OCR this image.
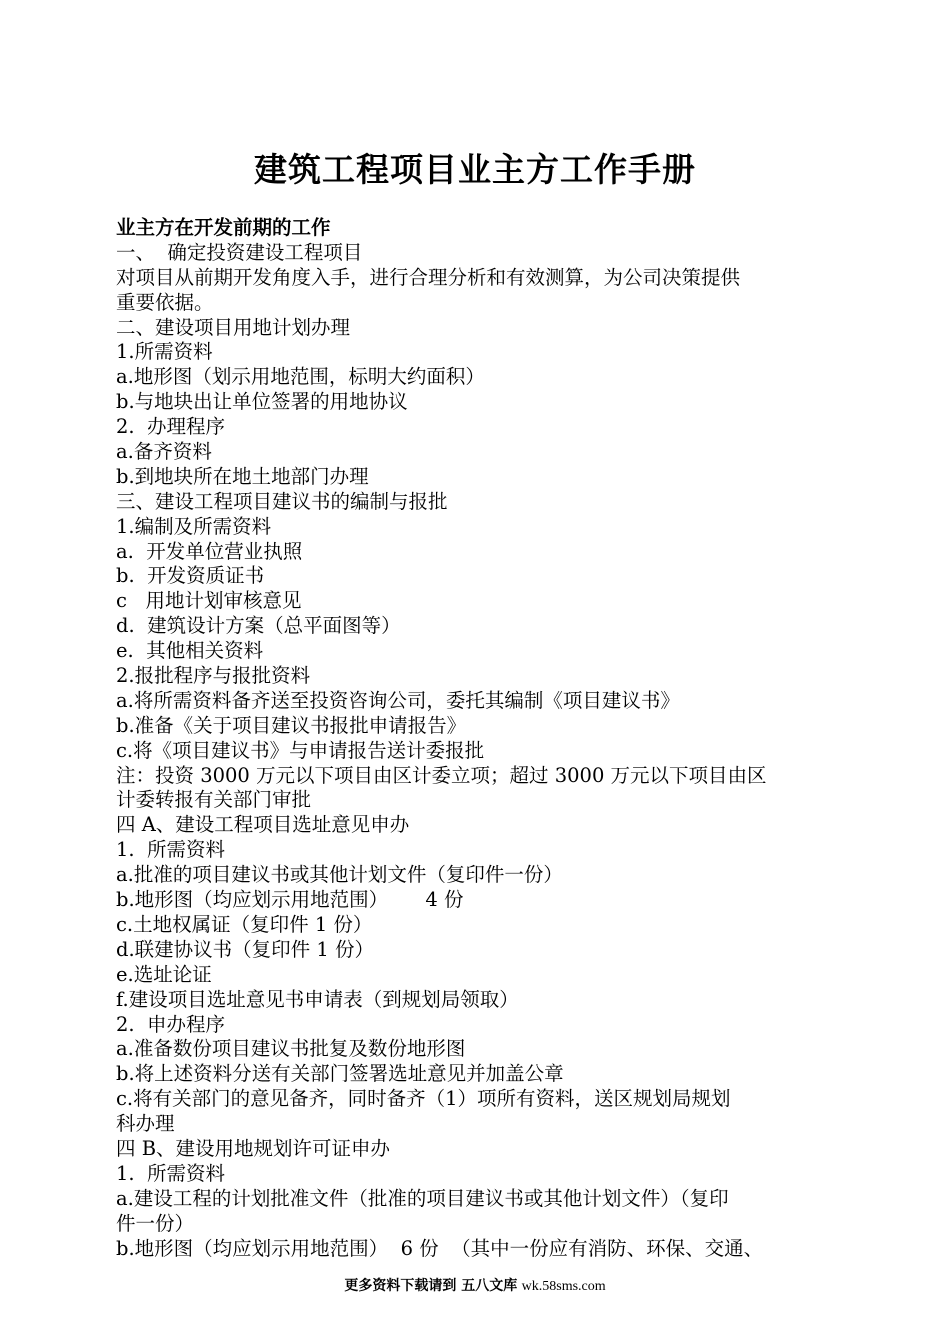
建筑工程项目业主方工作手册
业主方在开发前期的工作
一、  确定投资建设工程项目
对项目从前期开发角度入手，进行合理分析和有效测算，为公司决策提供
重要依据。
二、建设项目用地计划办理
1.所需资料
a.地形图（划示用地范围，标明大约面积）
b.与地块出让单位签署的用地协议
2.  办理程序
a.备齐资料
b.到地块所在地土地部门办理
三、建设工程项目建议书的编制与报批
1.编制及所需资料
a.  开发单位营业执照
b.  开发资质证书
c   用地计划审核意见
d.  建筑设计方案（总平面图等）
e.  其他相关资料
2.报批程序与报批资料
a.将所需资料备齐送至投资咨询公司，委托其编制《项目建议书》
b.准备《关于项目建议书报批申请报告》
c.将《项目建议书》与申请报告送计委报批
注：投资 3000 万元以下项目由区计委立项；超过 3000 万元以下项目由区
计委转报有关部门审批
四 A、建设工程项目选址意见申办
1.  所需资料
a.批准的项目建议书或其他计划文件（复印件一份）
b.地形图（均应划示用地范围）      4 份
c.土地权属证（复印件 1 份）
d.联建协议书（复印件 1 份）
e.选址论证
f.建设项目选址意见书申请表（到规划局领取）
2.  申办程序
a.准备数份项目建议书批复及数份地形图
b.将上述资料分送有关部门签署选址意见并加盖公章
c.将有关部门的意见备齐，同时备齐（1）项所有资料，送区规划局规划
科办理
四 B、建设用地规划许可证申办
1.  所需资料
a.建设工程的计划批准文件（批准的项目建议书或其他计划文件）（复印
件一份）
b.地形图（均应划示用地范围）  6 份  （其中一份应有消防、环保、交通、
更多资料下载请到 五八文库 wk.58sms.com
